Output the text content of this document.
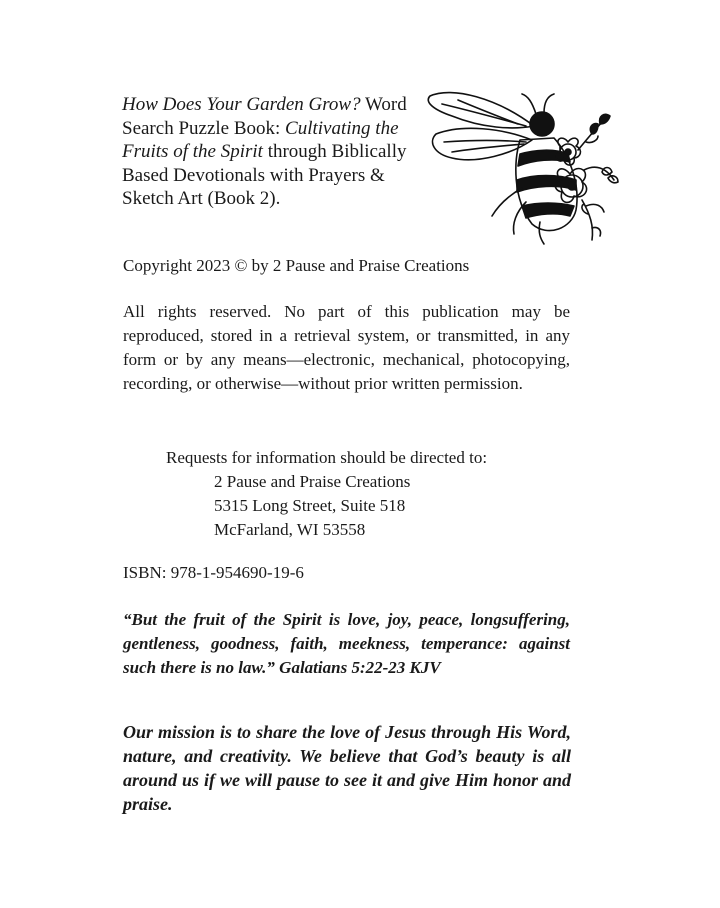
How Does Your Garden Grow? Word Search Puzzle Book: Cultivating the Fruits of the Spirit through Biblically Based Devotionals with Prayers & Sketch Art (Book 2).
Copyright 2023 © by 2 Pause and Praise Creations
All rights reserved. No part of this publication may be reproduced, stored in a retrieval system, or transmitted, in any form or by any means—electronic, mechanical, photocopying, recording, or otherwise—without prior written permission.
Requests for information should be directed to:
2 Pause and Praise Creations
5315 Long Street, Suite 518
McFarland, WI 53558
ISBN: 978-1-954690-19-6
“But the fruit of the Spirit is love, joy, peace, longsuffering, gentleness, goodness, faith, meekness, temperance: against such there is no law.” Galatians 5:22-23 KJV
Our mission is to share the love of Jesus through His Word, nature, and creativity. We believe that God’s beauty is all around us if we will pause to see it and give Him honor and praise.
